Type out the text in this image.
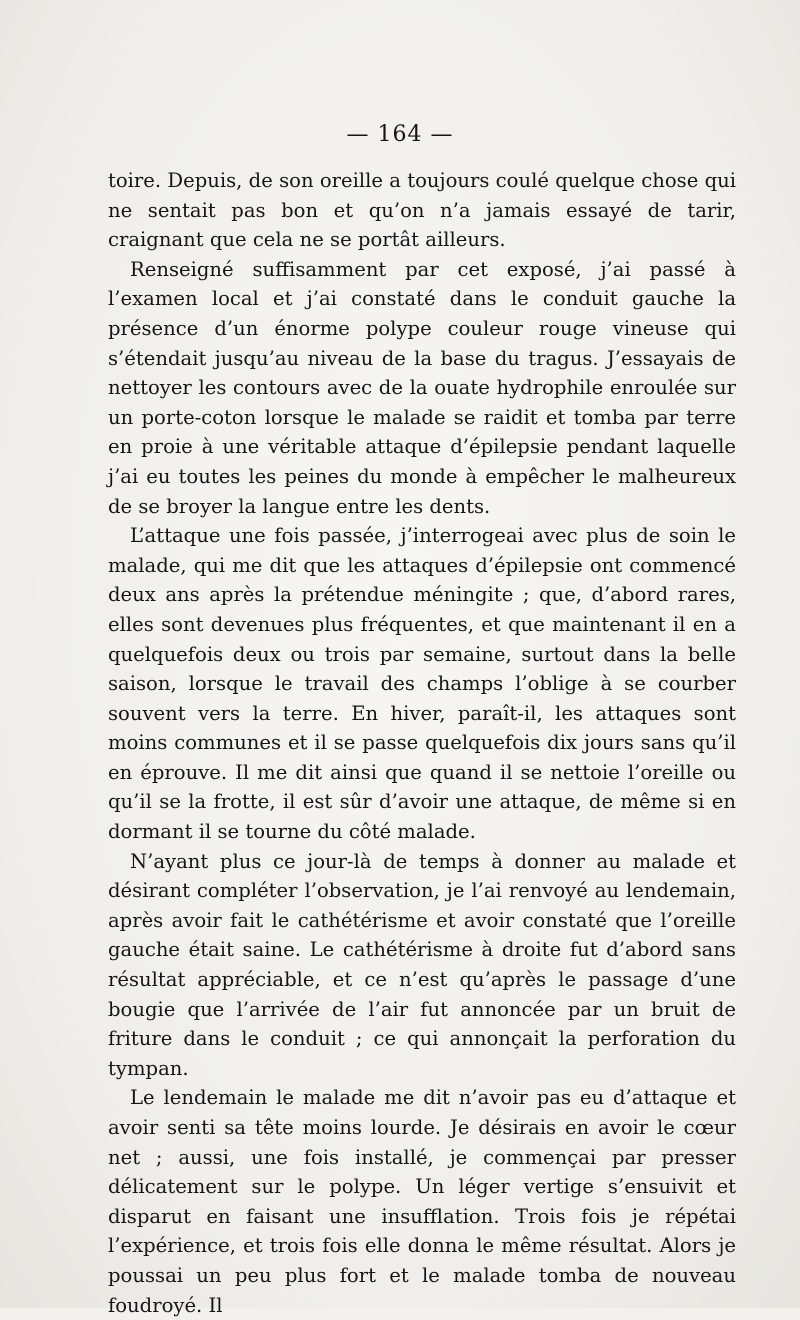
— 164 —

toire. Depuis, de son oreille a toujours coulé quelque chose qui ne sentait pas bon et qu’on n’a jamais essayé de tarir, craignant que cela ne se portât ailleurs.

Renseigné suffisamment par cet exposé, j’ai passé à l’examen local et j’ai constaté dans le conduit gauche la présence d’un énorme polype couleur rouge vineuse qui s’étendait jusqu’au niveau de la base du tragus. J’essayais de nettoyer les contours avec de la ouate hydrophile enroulée sur un porte-coton lorsque le malade se raidit et tomba par terre en proie à une véritable attaque d’épilepsie pendant laquelle j’ai eu toutes les peines du monde à empêcher le malheureux de se broyer la langue entre les dents.

L’attaque une fois passée, j’interrogeai avec plus de soin le malade, qui me dit que les attaques d’épilepsie ont commencé deux ans après la prétendue méningite ; que, d’abord rares, elles sont devenues plus fréquentes, et que maintenant il en a quelquefois deux ou trois par semaine, surtout dans la belle saison, lorsque le travail des champs l’oblige à se courber souvent vers la terre. En hiver, paraît-il, les attaques sont moins communes et il se passe quelquefois dix jours sans qu’il en éprouve. Il me dit ainsi que quand il se nettoie l’oreille ou qu’il se la frotte, il est sûr d’avoir une attaque, de même si en dormant il se tourne du côté malade.

N’ayant plus ce jour-là de temps à donner au malade et désirant compléter l’observation, je l’ai renvoyé au lendemain, après avoir fait le cathétérisme et avoir constaté que l’oreille gauche était saine. Le cathétérisme à droite fut d’abord sans résultat appréciable, et ce n’est qu’après le passage d’une bougie que l’arrivée de l’air fut annoncée par un bruit de friture dans le conduit ; ce qui annonçait la perforation du tympan.

Le lendemain le malade me dit n’avoir pas eu d’attaque et avoir senti sa tête moins lourde. Je désirais en avoir le cœur net ; aussi, une fois installé, je commençai par presser délicatement sur le polype. Un léger vertige s’ensuivit et disparut en faisant une insufflation. Trois fois je répétai l’expérience, et trois fois elle donna le même résultat. Alors je poussai un peu plus fort et le malade tomba de nouveau foudroyé. Il
